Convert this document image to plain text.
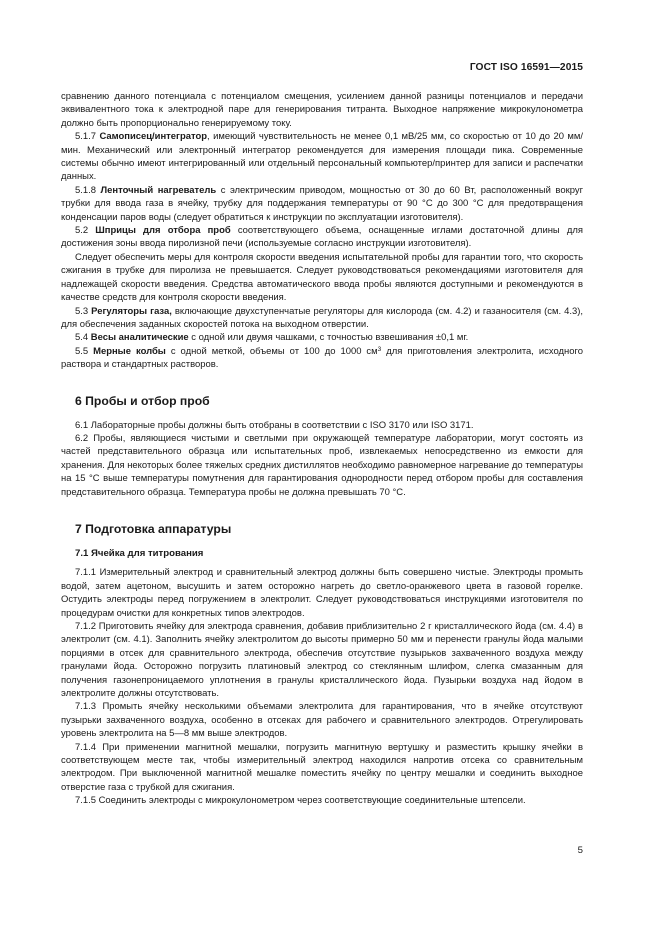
ГОСТ ISO 16591—2015

сравнению данного потенциала с потенциалом смещения, усилением данной разницы потенциалов и передачи эквивалентного тока к электродной паре для генерирования титранта. Выходное напряжение микрокулонометра должно быть пропорционально генерируемому току.

5.1.7 Самописец/интегратор, имеющий чувствительность не менее 0,1 мВ/25 мм, со скоростью от 10 до 20 мм/мин. Механический или электронный интегратор рекомендуется для измерения площади пика. Современные системы обычно имеют интегрированный или отдельный персональный компьютер/принтер для записи и распечатки данных.

5.1.8 Ленточный нагреватель с электрическим приводом, мощностью от 30 до 60 Вт, расположенный вокруг трубки для ввода газа в ячейку, трубку для поддержания температуры от 90 °C до 300 °C для предотвращения конденсации паров воды (следует обратиться к инструкции по эксплуатации изготовителя).

5.2 Шприцы для отбора проб соответствующего объема, оснащенные иглами достаточной длины для достижения зоны ввода пиролизной печи (используемые согласно инструкции изготовителя).

Следует обеспечить меры для контроля скорости введения испытательной пробы для гарантии того, что скорость сжигания в трубке для пиролиза не превышается. Следует руководствоваться рекомендациями изготовителя для надлежащей скорости введения. Средства автоматического ввода пробы являются доступными и рекомендуются в качестве средств для контроля скорости введения.

5.3 Регуляторы газа, включающие двухступенчатые регуляторы для кислорода (см. 4.2) и газаносителя (см. 4.3), для обеспечения заданных скоростей потока на выходном отверстии.

5.4 Весы аналитические с одной или двумя чашками, с точностью взвешивания ±0,1 мг.

5.5 Мерные колбы с одной меткой, объемы от 100 до 1000 $см^3$ для приготовления электролита, исходного раствора и стандартных растворов.

6 Пробы и отбор проб

6.1 Лабораторные пробы должны быть отобраны в соответствии с ISO 3170 или ISO 3171.

6.2 Пробы, являющиеся чистыми и светлыми при окружающей температуре лаборатории, могут состоять из частей представительного образца или испытательных проб, извлекаемых непосредственно из емкости для хранения. Для некоторых более тяжелых средних дистиллятов необходимо равномерное нагревание до температуры на 15 °C выше температуры помутнения для гарантирования однородности перед отбором пробы для составления представительного образца. Температура пробы не должна превышать 70 °C.

7 Подготовка аппаратуры
7.1 Ячейка для титрования

7.1.1 Измерительный электрод и сравнительный электрод должны быть совершено чистые. Электроды промыть водой, затем ацетоном, высушить и затем осторожно нагреть до светло-оранжевого цвета в газовой горелке. Остудить электроды перед погружением в электролит. Следует руководствоваться инструкциями изготовителя по процедурам очистки для конкретных типов электродов.

7.1.2 Приготовить ячейку для электрода сравнения, добавив приблизительно 2 г кристаллического йода (см. 4.4) в электролит (см. 4.1). Заполнить ячейку электролитом до высоты примерно 50 мм и перенести гранулы йода малыми порциями в отсек для сравнительного электрода, обеспечив отсутствие пузырьков захваченного воздуха между гранулами йода. Осторожно погрузить платиновый электрод со стеклянным шлифом, слегка смазанным для получения газонепроницаемого уплотнения в гранулы кристаллического йода. Пузырьки воздуха над йодом в электролите должны отсутствовать.

7.1.3 Промыть ячейку несколькими объемами электролита для гарантирования, что в ячейке отсутствуют пузырьки захваченного воздуха, особенно в отсеках для рабочего и сравнительного электродов. Отрегулировать уровень электролита на 5—8 мм выше электродов.

7.1.4 При применении магнитной мешалки, погрузить магнитную вертушку и разместить крышку ячейки в соответствующем месте так, чтобы измерительный электрод находился напротив отсека со сравнительным электродом. При выключенной магнитной мешалке поместить ячейку по центру мешалки и соединить выходное отверстие газа с трубкой для сжигания.

7.1.5 Соединить электроды с микрокулонометром через соответствующие соединительные штепсели.

5
